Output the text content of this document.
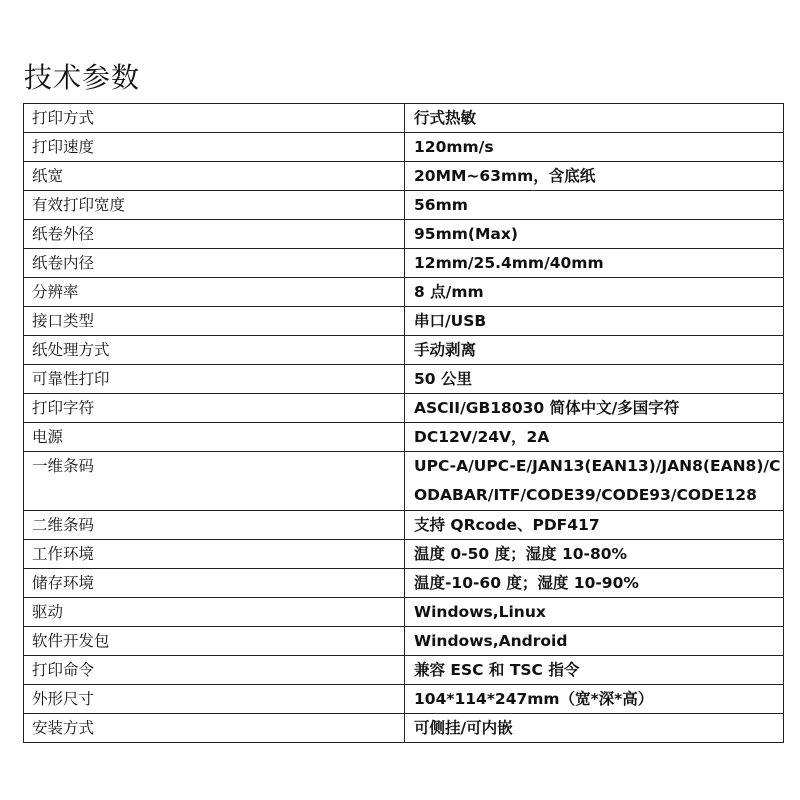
技术参数
打印方式	行式热敏
打印速度	120mm/s
纸宽	20MM~63mm，含底纸
有效打印宽度	56mm
纸卷外径	95mm(Max)
纸卷内径	12mm/25.4mm/40mm
分辨率	8 点/mm
接口类型	串口/USB
纸处理方式	手动剥离
可靠性打印	50 公里
打印字符	ASCII/GB18030 简体中文/多国字符
电源	DC12V/24V，2A
一维条码	UPC-A/UPC-E/JAN13(EAN13)/JAN8(EAN8)/CODABAR/ITF/CODE39/CODE93/CODE128
二维条码	支持 QRcode、PDF417
工作环境	温度 0-50 度；湿度 10-80%
储存环境	温度-10-60 度；湿度 10-90%
驱动	Windows,Linux
软件开发包	Windows,Android
打印命令	兼容 ESC 和 TSC 指令
外形尺寸	104*114*247mm（宽*深*高）
安装方式	可侧挂/可内嵌
